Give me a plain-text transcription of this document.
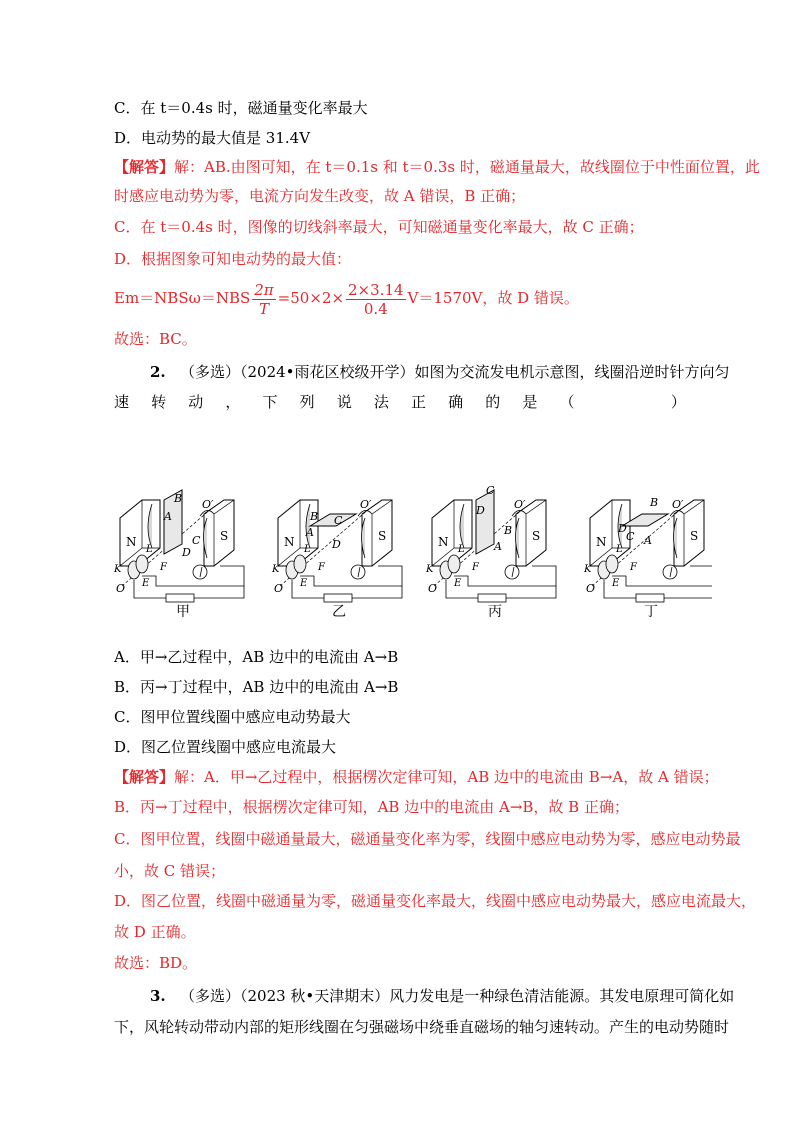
C．在 t＝0.4s 时，磁通量变化率最大
D．电动势的最大值是 31.4V
【解答】解：AB.由图可知，在 t＝0.1s 和 t＝0.3s 时，磁通量最大，故线圈位于中性面位置，此
时感应电动势为零，电流方向发生改变，故 A 错误，B 正确；
C．在 t＝0.4s 时，图像的切线斜率最大，可知磁通量变化率最大，故 C 正确；
D．根据图象可知电动势的最大值：
$Em=NBS\omega=NBS \frac{2\pi}{T} =50\times 2\times \frac{2\times 3.14}{0.4} V=1570V$，故 D 错误。
故选：BC。
2. （多选）（2024•雨花区校级开学）如图为交流发电机示意图，线圈沿逆时针方向匀
速 转 动 ， 下 列 说 法 正 确 的 是 （

　	）
B
A
D
C
N	S
O′
O
K
L
E
F
B
A
C
D
N	S
O′
O
K
L
E
F
C
D
A
B
N	S
O′
O
K
L
E
F
B
A
D
C
N	S
O′
O
K
L
E
F
甲	乙	丙	丁
A．甲→乙过程中，AB 边中的电流由 A→B
B．丙→丁过程中，AB 边中的电流由 A→B
C．图甲位置线圈中感应电动势最大
D．图乙位置线圈中感应电流最大
【解答】解：A．甲→乙过程中，根据楞次定律可知，AB 边中的电流由 B→A，故 A 错误；
B．丙→丁过程中，根据楞次定律可知，AB 边中的电流由 A→B，故 B 正确；
C．图甲位置，线圈中磁通量最大，磁通量变化率为零，线圈中感应电动势为零，感应电动势最
小，故 C 错误；
D．图乙位置，线圈中磁通量为零，磁通量变化率最大，线圈中感应电动势最大，感应电流最大，
故 D 正确。
故选：BD。
3. （多选）（2023 秋•天津期末）风力发电是一种绿色清洁能源。其发电原理可简化如
下，风轮转动带动内部的矩形线圈在匀强磁场中绕垂直磁场的轴匀速转动。产生的电动势随时
